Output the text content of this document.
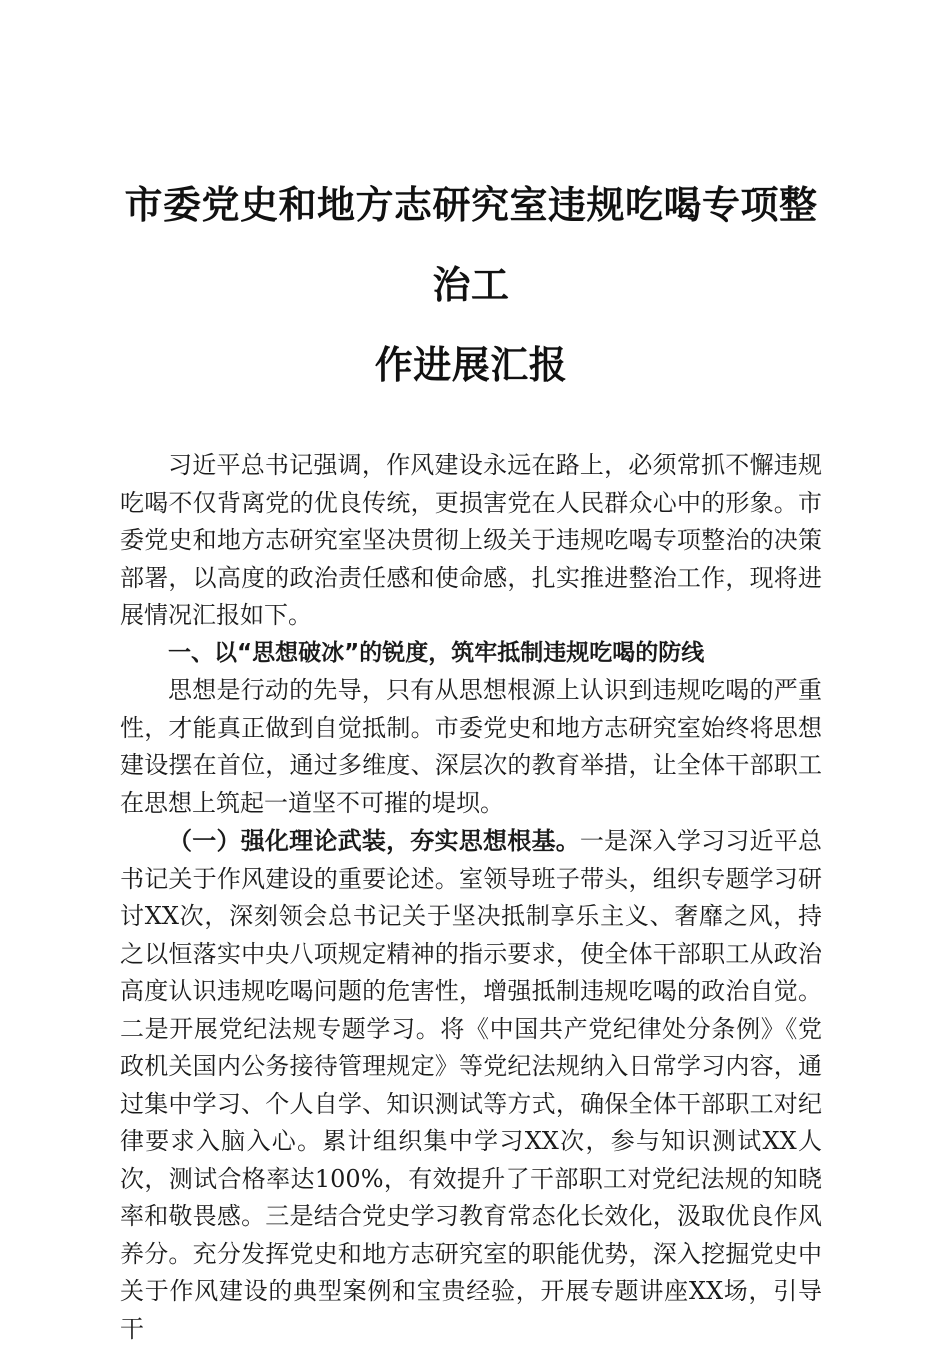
市委党史和地方志研究室违规吃喝专项整治工
作进展汇报

习近平总书记强调，作风建设永远在路上，必须常抓不懈违规吃喝不仅背离党的优良传统，更损害党在人民群众心中的形象。市委党史和地方志研究室坚决贯彻上级关于违规吃喝专项整治的决策部署，以高度的政治责任感和使命感，扎实推进整治工作，现将进展情况汇报如下。

一、以“思想破冰”的锐度，筑牢抵制违规吃喝的防线

思想是行动的先导，只有从思想根源上认识到违规吃喝的严重性，才能真正做到自觉抵制。市委党史和地方志研究室始终将思想建设摆在首位，通过多维度、深层次的教育举措，让全体干部职工在思想上筑起一道坚不可摧的堤坝。

（一）强化理论武装，夯实思想根基。一是深入学习习近平总书记关于作风建设的重要论述。室领导班子带头，组织专题学习研讨XX次，深刻领会总书记关于坚决抵制享乐主义、奢靡之风，持之以恒落实中央八项规定精神的指示要求，使全体干部职工从政治高度认识违规吃喝问题的危害性，增强抵制违规吃喝的政治自觉。二是开展党纪法规专题学习。将《中国共产党纪律处分条例》《党政机关国内公务接待管理规定》等党纪法规纳入日常学习内容，通过集中学习、个人自学、知识测试等方式，确保全体干部职工对纪律要求入脑入心。累计组织集中学习XX次，参与知识测试XX人次，测试合格率达100%，有效提升了干部职工对党纪法规的知晓率和敬畏感。三是结合党史学习教育常态化长效化，汲取优良作风养分。充分发挥党史和地方志研究室的职能优势，深入挖掘党史中关于作风建设的典型案例和宝贵经验，开展专题讲座XX场，引导干
